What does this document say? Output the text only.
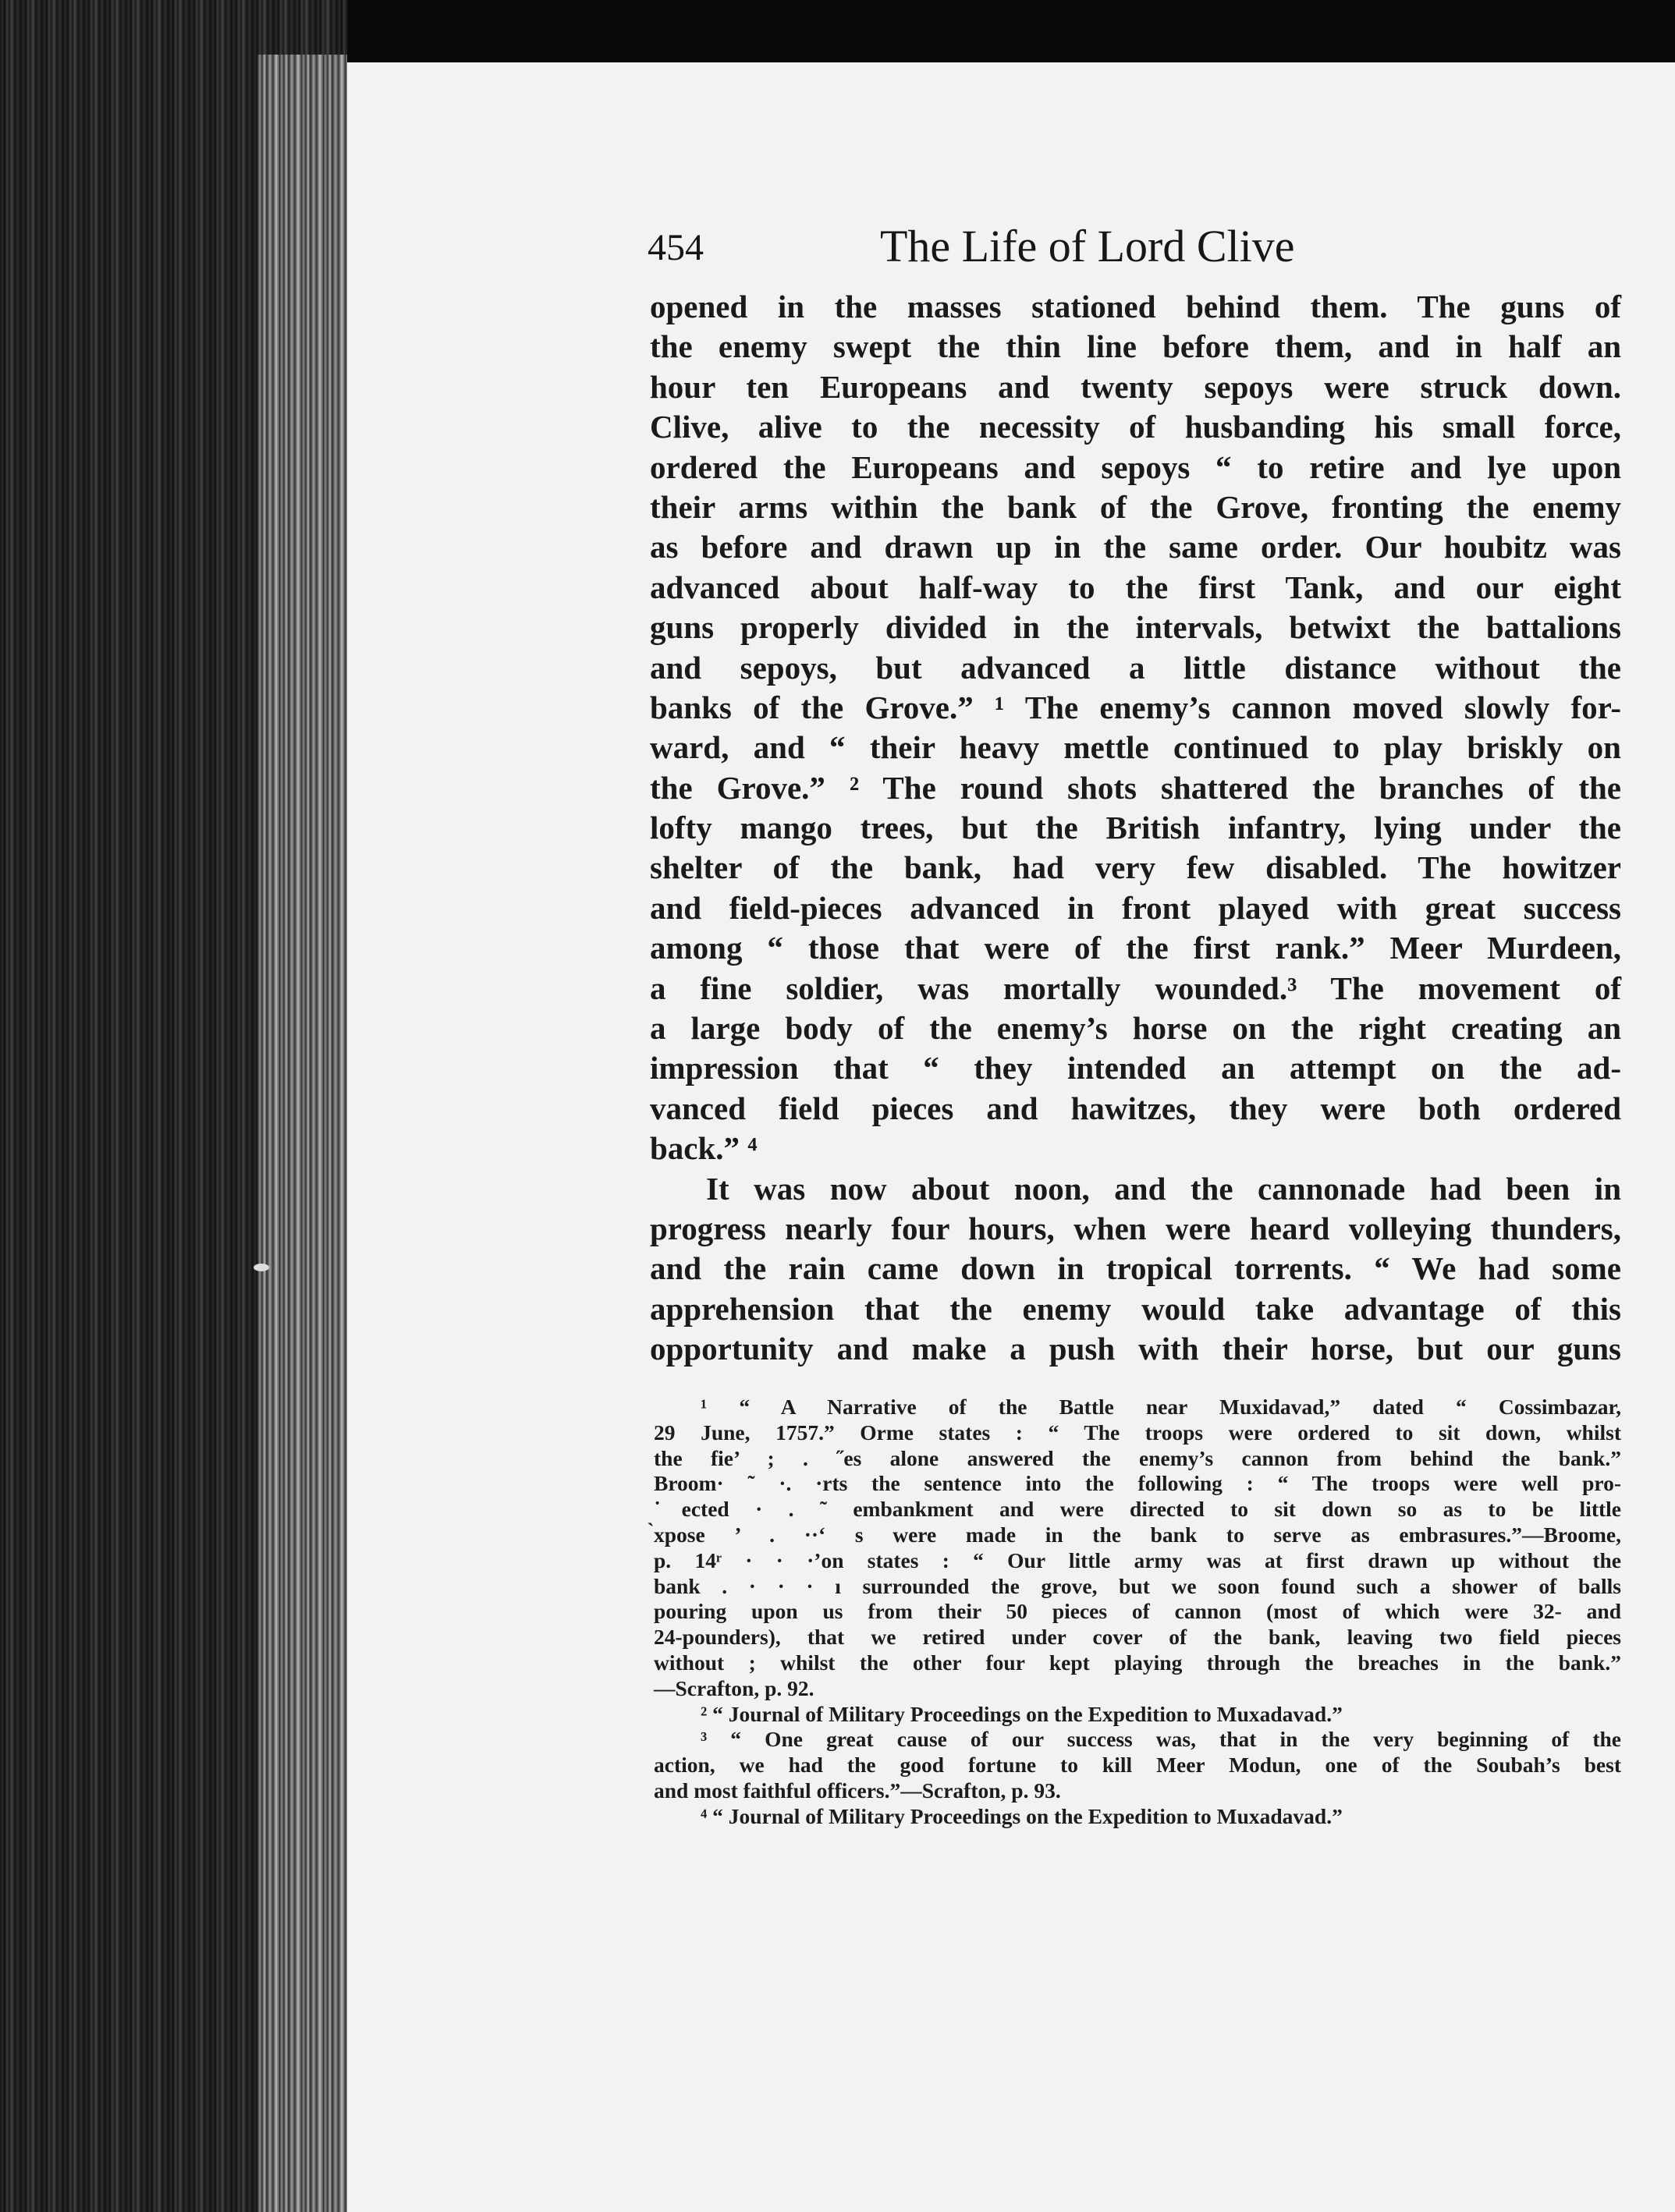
454	The Life of Lord Clive
opened in the masses stationed behind them. The guns of
the enemy swept the thin line before them, and in half an
hour ten Europeans and twenty sepoys were struck down.
Clive, alive to the necessity of husbanding his small force,
ordered the Europeans and sepoys “ to retire and lye upon
their arms within the bank of the Grove, fronting the enemy
as before and drawn up in the same order. Our houbitz was
advanced about half-way to the first Tank, and our eight
guns properly divided in the intervals, betwixt the battalions
and sepoys, but advanced a little distance without the
banks of the Grove.” ¹ The enemy’s cannon moved slowly for-
ward, and “ their heavy mettle continued to play briskly on
the Grove.” ² The round shots shattered the branches of the
lofty mango trees, but the British infantry, lying under the
shelter of the bank, had very few disabled. The howitzer
and field-pieces advanced in front played with great success
among “ those that were of the first rank.” Meer Murdeen,
a fine soldier, was mortally wounded.³ The movement of
a large body of the enemy’s horse on the right creating an
impression that “ they intended an attempt on the ad-
vanced field pieces and hawitzes, they were both ordered
back.” ⁴
It was now about noon, and the cannonade had been in
progress nearly four hours, when were heard volleying thunders,
and the rain came down in tropical torrents. “ We had some
apprehension that the enemy would take advantage of this
opportunity and make a push with their horse, but our guns
¹ “ A Narrative of the Battle near Muxidavad,” dated “ Cossimbazar,
29 June, 1757.” Orme states : “ The troops were ordered to sit down, whilst
the fie’ ; . ˝es alone answered the enemy’s cannon from behind the bank.”
Broom· ˜ ·. ·rts the sentence into the following : “ The troops were well pro-
˙ected · . ˜ embankment and were directed to sit down so as to be little
̀xpose ’ . ··ʻ s were made in the bank to serve as embrasures.”—Broome,
p. 14ʳ · · ·’on states : “ Our little army was at first drawn up without the
bank . · · · ı surrounded the grove, but we soon found such a shower of balls
pouring upon us from their 50 pieces of cannon (most of which were 32- and
24-pounders), that we retired under cover of the bank, leaving two field pieces
without ; whilst the other four kept playing through the breaches in the bank.”
—Scrafton, p. 92.
² “ Journal of Military Proceedings on the Expedition to Muxadavad.”
³ “ One great cause of our success was, that in the very beginning of the
action, we had the good fortune to kill Meer Modun, one of the Soubah’s best
and most faithful officers.”—Scrafton, p. 93.
⁴ “ Journal of Military Proceedings on the Expedition to Muxadavad.”
